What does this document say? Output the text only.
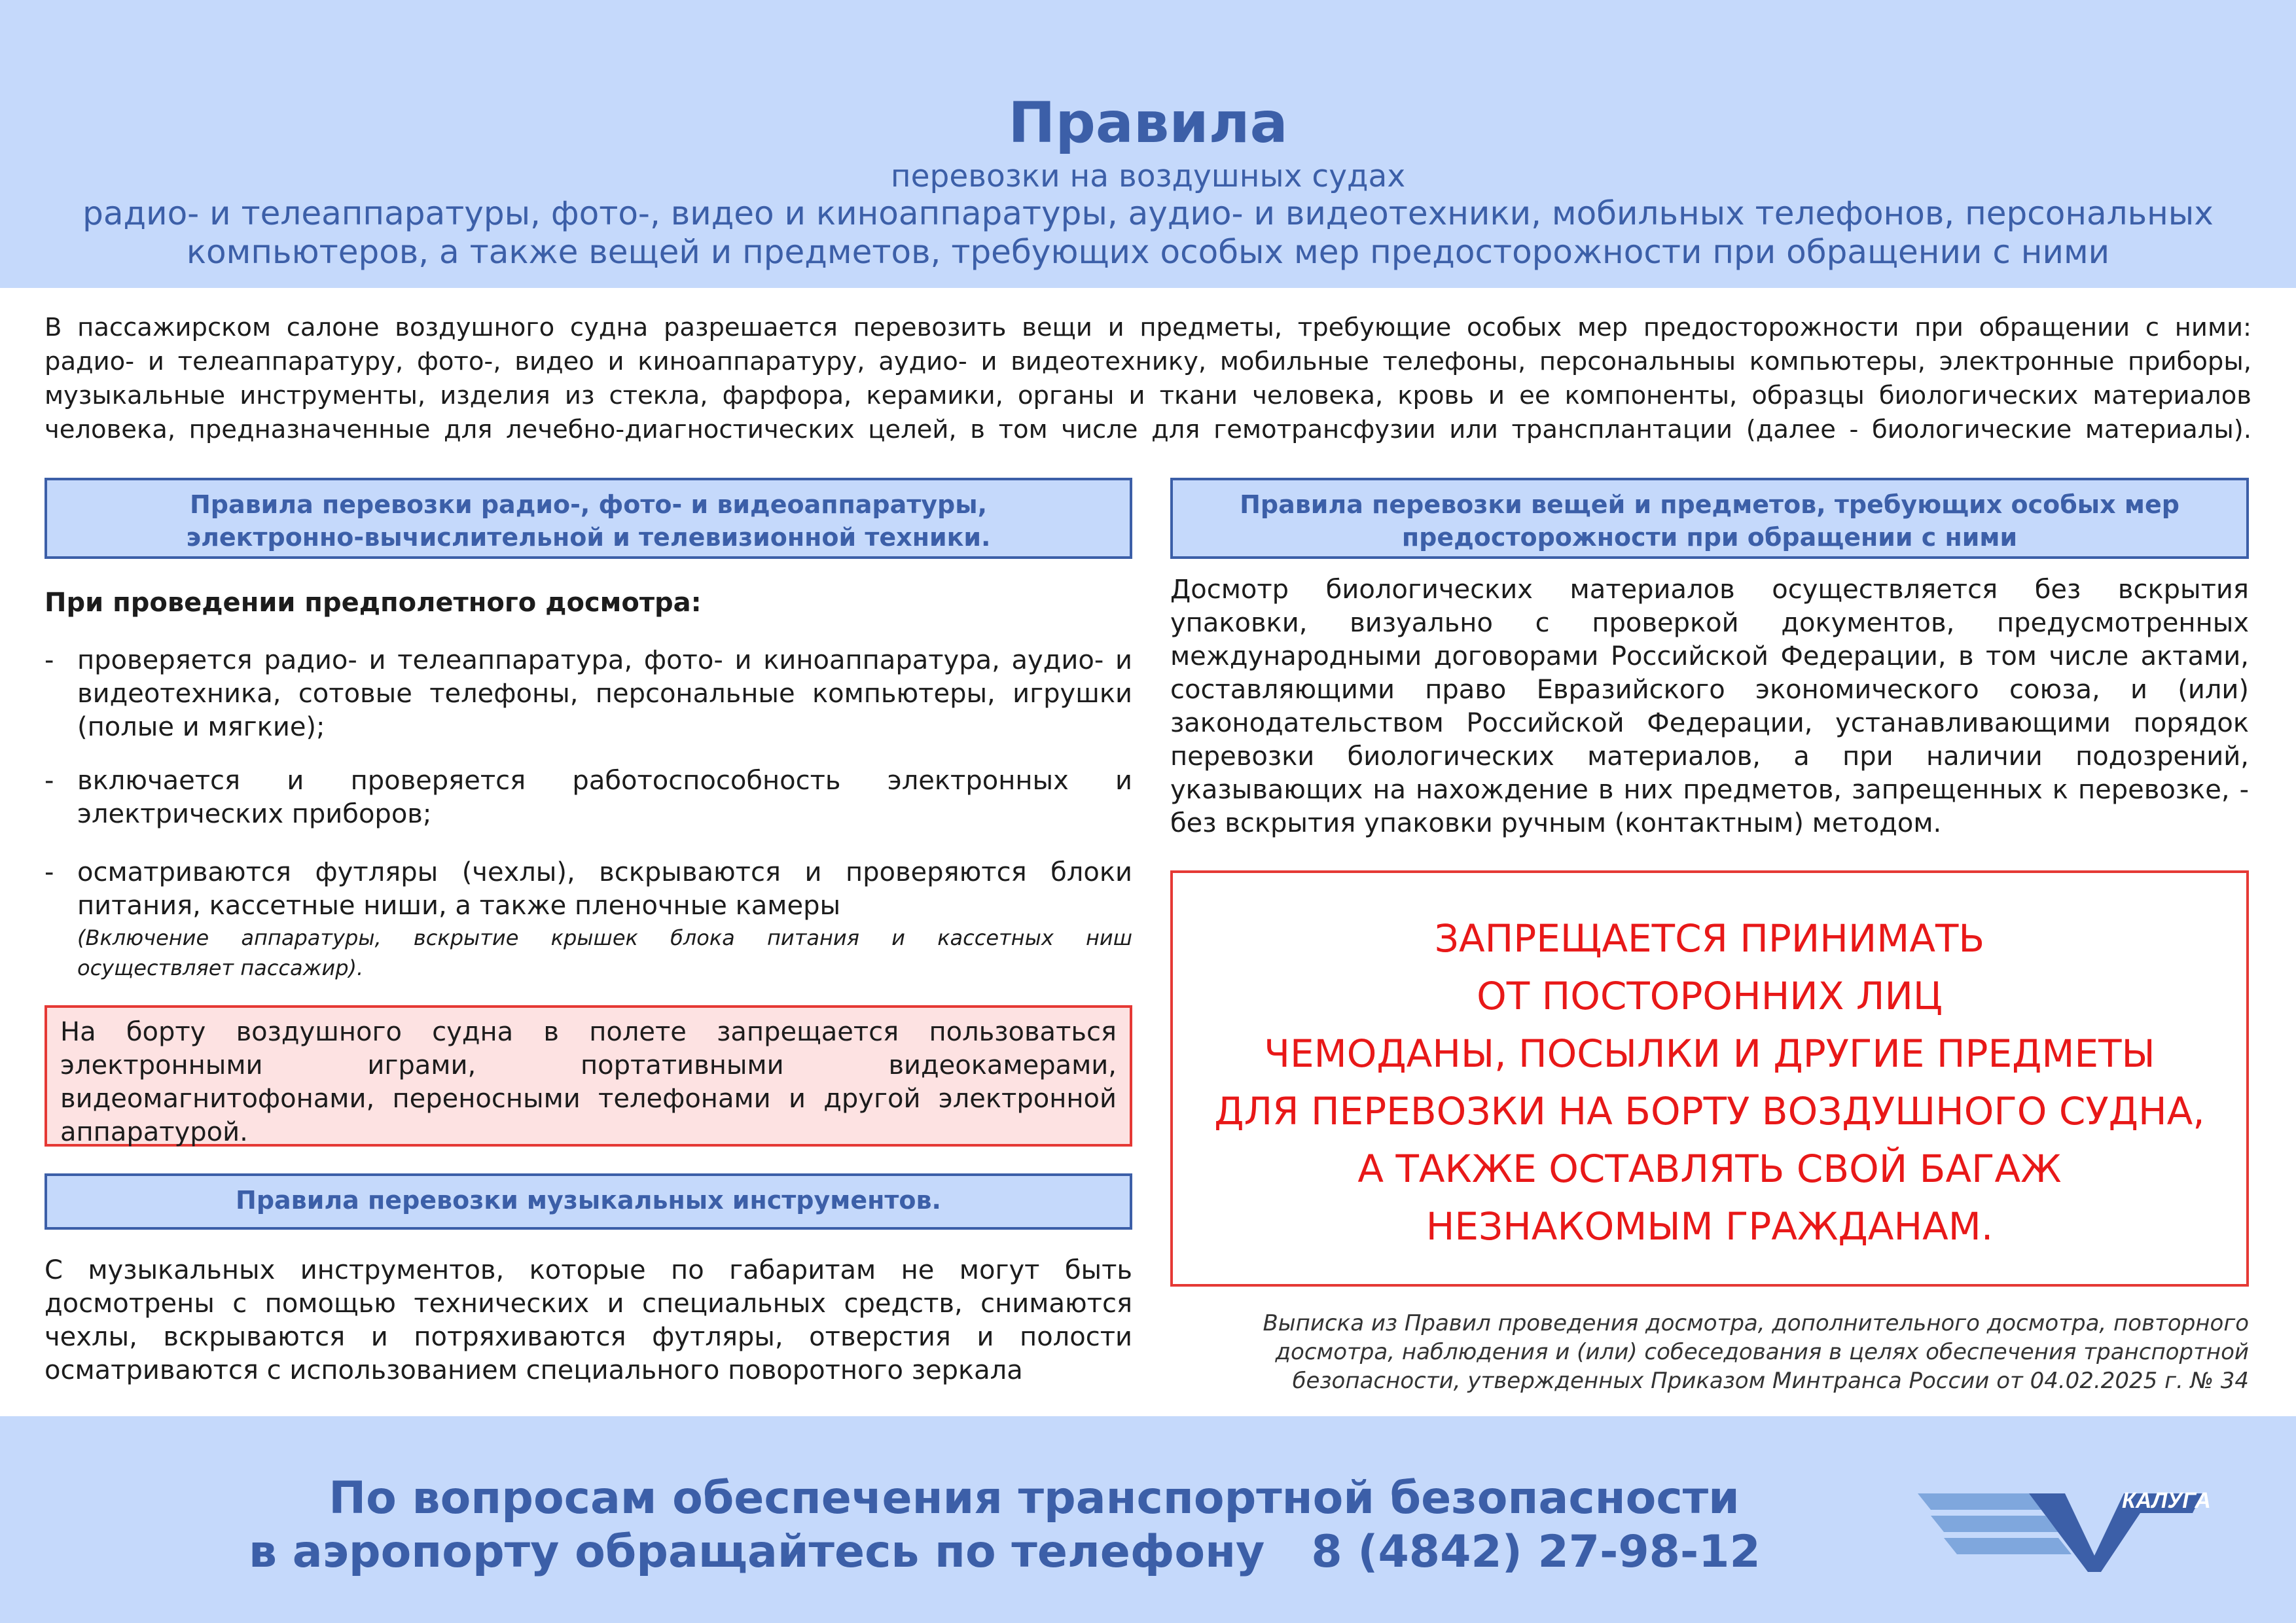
Правила
перевозки на воздушных судах
радио- и телеаппаратуры, фото-, видео и киноаппаратуры, аудио- и видеотехники, мобильных телефонов, персональных
компьютеров, а также вещей и предметов, требующих особых мер предосторожности при обращении с ними
В пассажирском салоне воздушного судна разрешается перевозить вещи и предметы, требующие особых мер предосторожности при обращении с ними:
радио- и телеаппаратуру, фото-, видео и киноаппаратуру, аудио- и видеотехнику, мобильные телефоны, персональныы компьютеры, электронные приборы,
музыкальные инструменты, изделия из стекла, фарфора, керамики, органы и ткани человека, кровь и ее компоненты, образцы биологических материалов
человека, предназначенные для лечебно-диагностических целей, в том числе для гемотрансфузии или трансплантации (далее - биологические материалы).
Правила перевозки радио-, фото- и видеоаппаратуры,
электронно-вычислительной и телевизионной техники.
При проведении предполетного досмотра:
- проверяется радио- и телеаппаратура, фото- и киноаппаратура, аудио- и
видеотехника, сотовые телефоны, персональные компьютеры, игрушки
(полые и мягкие);
- включается и проверяется работоспособность электронных и
электрических приборов;
- осматриваются футляры (чехлы), вскрываются и проверяются блоки
питания, кассетные ниши, а также пленочные камеры
(Включение аппаратуры, вскрытие крышек блока питания и кассетных ниш
осуществляет пассажир).
На борту воздушного судна в полете запрещается пользоваться
электронными играми, портативными видеокамерами,
видеомагнитофонами, переносными телефонами и другой электронной
аппаратурой.
Правила перевозки музыкальных инструментов.
С музыкальных инструментов, которые по габаритам не могут быть
досмотрены с помощью технических и специальных средств, снимаются
чехлы, вскрываются и потряхиваются футляры, отверстия и полости
осматриваются с использованием специального поворотного зеркала
Правила перевозки вещей и предметов, требующих особых мер
предосторожности при обращении с ними
Досмотр биологических материалов осуществляется без вскрытия
упаковки, визуально с проверкой документов, предусмотренных
международными договорами Российской Федерации, в том числе актами,
составляющими право Евразийского экономического союза, и (или)
законодательством Российской Федерации, устанавливающими порядок
перевозки биологических материалов, а при наличии подозрений,
указывающих на нахождение в них предметов, запрещенных к перевозке, -
без вскрытия упаковки ручным (контактным) методом.
ЗАПРЕЩАЕТСЯ ПРИНИМАТЬ
ОТ ПОСТОРОННИХ ЛИЦ
ЧЕМОДАНЫ, ПОСЫЛКИ И ДРУГИЕ ПРЕДМЕТЫ
ДЛЯ ПЕРЕВОЗКИ НА БОРТУ ВОЗДУШНОГО СУДНА,
А ТАКЖЕ ОСТАВЛЯТЬ СВОЙ БАГАЖ
НЕЗНАКОМЫМ ГРАЖДАНАМ.
Выписка из Правил проведения досмотра, дополнительного досмотра, повторного
досмотра, наблюдения и (или) собеседования в целях обеспечения транспортной
безопасности, утвержденных Приказом Минтранса России от 04.02.2025 г. № 34
По вопросам обеспечения транспортной безопасности
в аэропорту обращайтесь по телефону   8 (4842) 27-98-12
КАЛУГА
